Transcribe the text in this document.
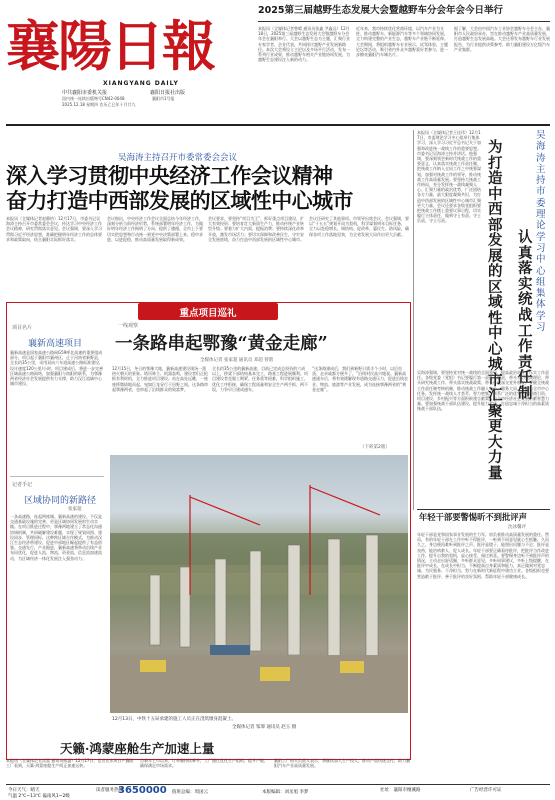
襄陽日報
XIANGYANG DAILY
中共襄阳市委机关报	襄阳日报社出版
国内统一连续出版物号CN42-0048	襄阳市1号报
2025.12.18 星期四 农历乙巳年十月廿九
2025第三届越野生态发展大会暨越野车分会年会今日举行
本报讯（全媒体记者曾晴 通讯员张鑫 尹鑫远）12月18日，2025第三届越野生态发展大会暨越野车分会年会在襄阳举行。大会以越野生态为主题，汇聚行业专家学者、企业代表，共同探讨越野产业发展新路径。本次大会将设立主论坛及多场平行活动，发布一系列行业成果，推动越野车相关产业链协同发展，为越野生态建设注入新的动力。
近年来，我市持续优化营商环境，以汽车产业为支柱，推动越野车、新能源汽车等多个领域协同发展，全力构建完整的产业生态，越野车产业链不断延伸。大会期间，将组织越野车专业展示、试驾体验、主题论坛等活动，吸引省内外众多越野爱好者参与，进一步擦亮襄阳汽车城名片。
据了解，大会由中国汽车工业协会越野车分会主办，襄阳市人民政府承办，旨在推动越野车产业高质量发展，打造越野生态发展高地。大会还将发布越野车行业发展报告，为行业提供决策参考，助力襄阳建设万亿级汽车产业集群。
吴海涛主持召开市委常委会会议
深入学习贯彻中央经济工作会议精神
奋力打造中西部发展的区域性中心城市
本报讯（全媒体记者赵静怡）12月17日，市委书记吴海涛主持召开市委常委会会议，传达学习中央经济工作会议精神，研究贯彻落实意见。会议强调，要深入学习贯彻习近平经济思想，准确把握明年经济工作的总体要求和政策取向，结合襄阳实际抓好落实。
会议指出，中央经济工作会议全面总结今年经济工作，深刻分析当前经济形势，系统部署明年经济工作，为做好明年经济工作指明了方向、提供了遵循。全市上下要切实把思想和行动统一到党中央决策部署上来，稳中求进、以进促稳，推动高质量发展取得新成效。
会议要求，要坚持“项目为王”，抓好重点项目建设，扩大有效投资；要培育壮大新质生产力，推动传统产业转型升级；要着力扩大内需，提振消费；要持续深化改革开放，激发市场活力；要切实保障和改善民生，守牢安全发展底线，奋力打造中西部发展的区域性中心城市。
会议还研究了其他事项。市领导出席会议。会议强调，要以“十五五”规划开局为契机，科学谋划明年目标任务，全力以赴稳增长、调结构、促改革、惠民生、防风险，确保各项工作落地见效，为全省发展大局作出更大贡献。
本报讯（全媒体记者王佳玮）12月17日，市委理论学习中心组举行集体学习，深入学习习近平总书记关于加强和改进统一战线工作的重要思想。市委书记吴海涛主持并讲话。他强调，要深刻领会新时代统战工作的重要意义，认真落实统战工作责任制，把统战工作纳入全局工作之中统筹谋划，加强对统战工作的领导，推动统战工作高质量发展。要坚持大统战工作格局，充分发挥统一战线凝聚人心、汇聚力量的政治优势，广泛团结各方力量，最大限度凝聚共识，为打造中西部发展的区域性中心城市汇聚更大力量。会议还要求各级党组织要把统战工作摆上重要议事日程，切实履行主体责任，做到守土有责、守土负责、守土尽责。
吴海涛主持市委理论学习中心组集体学习
认真落实统战工作责任制
为打造中西部发展的区域性中心城市汇聚更大力量
吴海涛强调，要坚持党对统一战线的全面领导，提高政治站位，压实工作责任。各级党委（党组）书记要履行第一责任人职责，带头学习统战理论、带头研究统战工作、带头落实统战政策、带头广交深交党外朋友。要健全统战工作责任制考核机制，推动统战工作融入中心、服务大局。要聚焦全市中心任务，发挥统一战线人才荟萃、智力密集、联系广泛的优势，在招商引资、项目建设、乡村振兴等方面积极建言献策，为全市经济社会发展贡献智慧力量。要加强统战干部队伍建设，提升能力素质，打造忠诚干净担当的高素质统战干部队伍。
年轻干部要警惕昕不到批评声
沈冰馨评
年轻干部是党和国家事业发展的生力军，肩负着推动高质量发展的重任。然而，有的年轻干部在工作中听不得批评，一听到不同意见就心生抵触，久而久之，身边便再难听到批评之声。批评是镜子，能照出问题与不足；批评是良药，能治病救人、促人成长。年轻干部要正确看待批评，把批评当作改进工作、提升自我的契机，虚心接受、闻过则喜。要警惕身边听不到批评声的情况，主动走出舒适圈，多听群众意见，多听同事建议，多听上级提醒，在批评中成长，在成长中担当，不断提高自身素质和能力，真正做到对党忠诚、为民服务、干净担当，努力在新时代新征程中建功立业。各级组织也要营造敢于批评、善于批评的良好氛围，帮助年轻干部健康成长。
重点项目巡礼
项目名片
襄新高速项目
襄新高速是国家高速公路网G59呼北高速的重要组成部分，项目起于襄阳市襄州区，止于河南省新野县，全长约35公里，采用双向六车道高速公路标准建设，设计速度120公里/小时。项目建成后，将进一步完善区域高速公路网络，加强襄阳与南阳的联系，为鄂豫两省经济社会发展提供有力支撑，助力汉江流域中心城市建设。
记者手记
区域协同的新路径
张家超
一条高速路，连起两座城。襄新高速的建设，不仅是交通基础设施的完善，更是区域协同发展的生动实践。在项目推进过程中，鄂豫两地建立了常态化沟通协调机制，共同破解建设难题，实现了规划同图、建设同步、管理同标。这种跨区域合作模式，为推动汉江生态经济带建设、促进中部地区崛起提供了有益借鉴。交通先行，产业跟进，襄新高速将带动沿线产业布局优化，促进人流、物流、资金流、信息流加速流动，为区域经济一体化发展注入强劲动力。
一线观察
一条路串起鄂豫“黄金走廊”
全媒体记者 张家超 通讯员 邓超 曾锴
12月15日，冬日的鄂豫大地，襄新高速建设现场一派热火朝天的景象。塔吊林立、机器轰鸣，建设者们正抢抓有利时机，全力推进项目建设。站在高处远眺，一座座桥墩拔地而起，宛如巨龙穿行于田野之间。这条路串起鄂豫两省，也串起了沿线群众的致富梦。
全长约35公里的襄新高速，目前已完成总投资的六成以上，桥梁下部结构基本完工，路基工程进展顺利。项目建设者克服工期紧、任务重等困难，科学组织施工，优化工序衔接，确保工程质量和安全生产两手抓、两不误，力争早日建成通车。
“这条路建成后，我们到新野只需半个小时，以后拉货、走亲戚都方便多了。”沿线村民高兴地说。襄新高速通车后，将有效缓解现有道路交通压力，促进沿线农业、物流、旅游等产业发展，成为连接鄂豫两省的“黄金走廊”。
（下转第2版）
12月13日，中铁十五局承建的施工人员正在浇筑墩身混凝土。
全媒体记者 邹潭 通讯员 赵玉 摄
天籁·鸿蒙座舱生产加速上量
本报讯（全媒体记者雷蕾 通讯员熊惠）12月17日，记者在东风日产襄阳工厂看到，天籁·鸿蒙座舱生产线正加速运转。
自新车上市以来，订单量持续攀升，工厂通过优化生产组织，提升产能，确保满足市场需求。
襄阳工厂相关负责人表示，将继续加大生产投入，推动产品快速交付，助力襄阳汽车产业高质量发展。
今日天气：晴天
气温 2℃~13℃ 偏南风1~2级
读者服务热线
3650000 值班总编：周国云	本版编辑：刘丞旭 李梦	社址：襄阳市檀溪路	广告经营许可证
